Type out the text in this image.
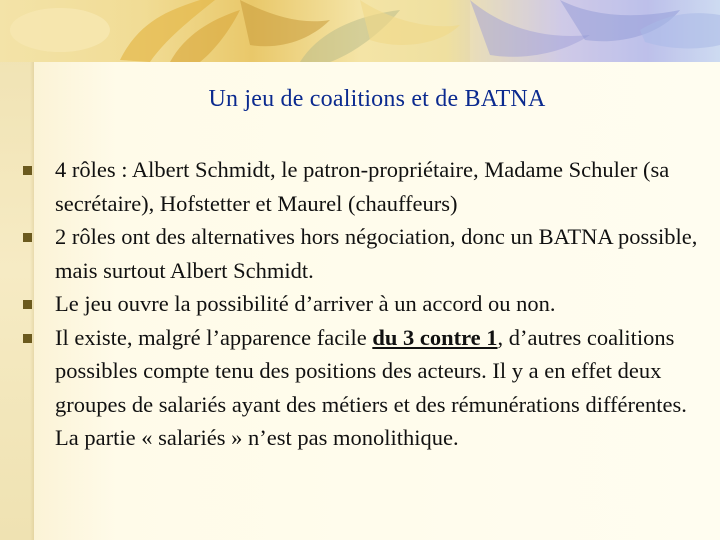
Un jeu de coalitions et de BATNA
4 rôles : Albert Schmidt, le patron-propriétaire, Madame Schuler (sa secrétaire), Hofstetter et Maurel (chauffeurs)
2 rôles ont des alternatives hors négociation, donc un BATNA possible, mais surtout Albert Schmidt.
Le jeu ouvre la possibilité d’arriver à un accord ou non.
Il existe, malgré l’apparence facile du 3 contre 1, d’autres coalitions possibles compte tenu des positions des acteurs. Il y a en effet deux groupes de salariés ayant des métiers et des rémunérations différentes. La partie « salariés » n’est pas monolithique.
